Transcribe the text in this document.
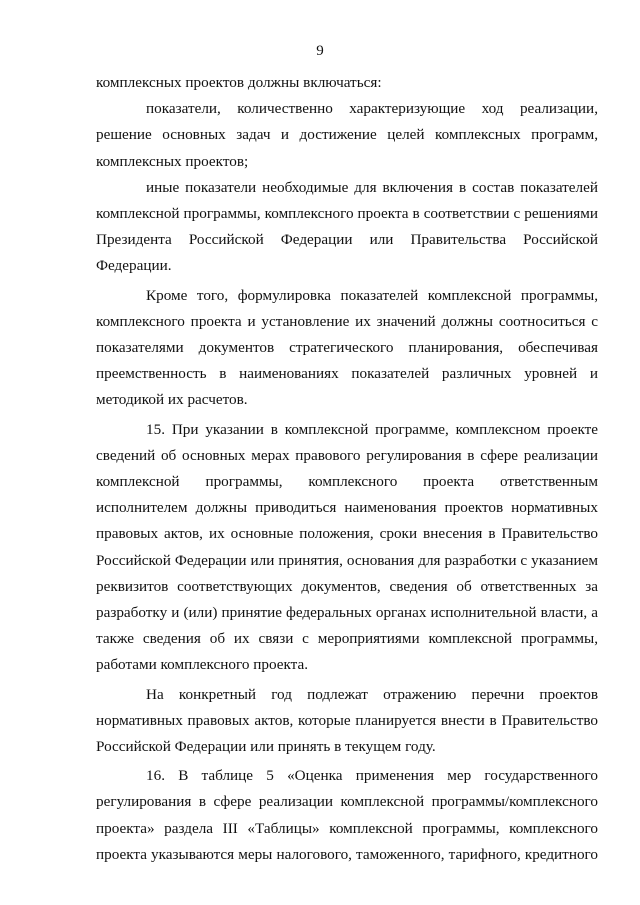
9

комплексных проектов должны включаться:

показатели, количественно характеризующие ход реализации, решение основных задач и достижение целей комплексных программ, комплексных проектов;

иные показатели необходимые для включения в состав показателей комплексной программы, комплексного проекта в соответствии с решениями Президента Российской Федерации или Правительства Российской Федерации.

Кроме того, формулировка показателей комплексной программы, комплексного проекта и установление их значений должны соотноситься с показателями документов стратегического планирования, обеспечивая преемственность в наименованиях показателей различных уровней и методикой их расчетов.

15. При указании в комплексной программе, комплексном проекте сведений об основных мерах правового регулирования в сфере реализации комплексной программы, комплексного проекта ответственным исполнителем должны приводиться наименования проектов нормативных правовых актов, их основные положения, сроки внесения в Правительство Российской Федерации или принятия, основания для разработки с указанием реквизитов соответствующих документов, сведения об ответственных за разработку и (или) принятие федеральных органах исполнительной власти, а также сведения об их связи с мероприятиями комплексной программы, работами комплексного проекта.

На конкретный год подлежат отражению перечни проектов нормативных правовых актов, которые планируется внести в Правительство Российской Федерации или принять в текущем году.

16. В таблице 5 «Оценка применения мер государственного регулирования в сфере реализации комплексной программы/комплексного проекта» раздела III «Таблицы» комплексной программы, комплексного проекта указываются меры налогового, таможенного, тарифного, кредитного
